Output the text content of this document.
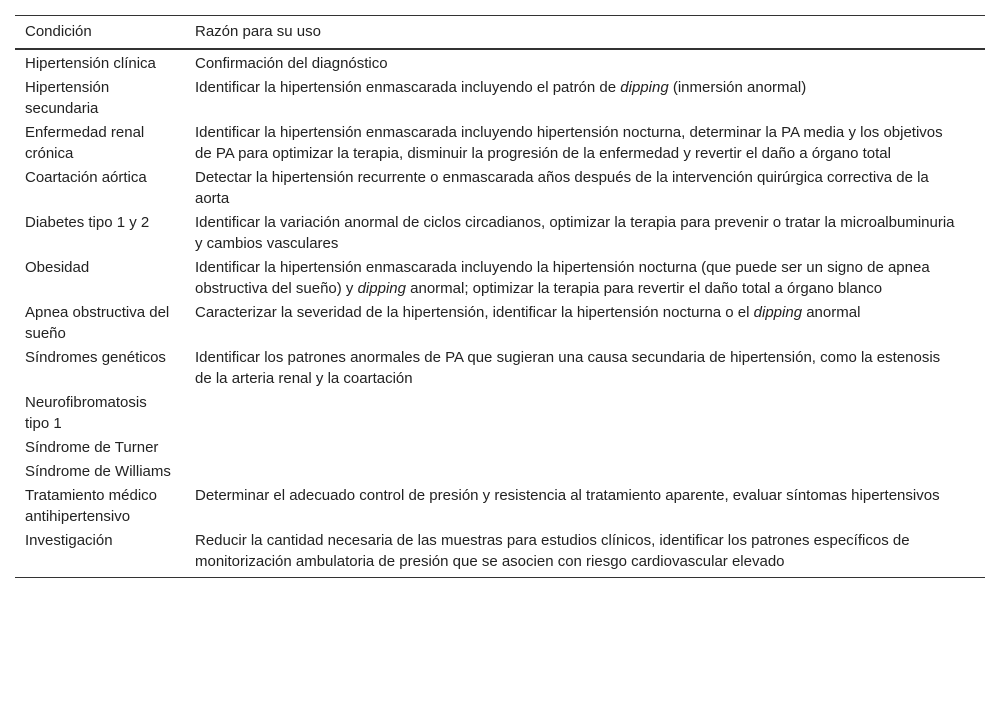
Condición	Razón para su uso
Hipertensión clínica	Confirmación del diagnóstico
Hipertensión secundaria	Identificar la hipertensión enmascarada incluyendo el patrón de dipping (inmersión anormal)
Enfermedad renal crónica	Identificar la hipertensión enmascarada incluyendo hipertensión nocturna, determinar la PA media y los objetivos de PA para optimizar la terapia, disminuir la progresión de la enfermedad y revertir el daño a órgano total
Coartación aórtica	Detectar la hipertensión recurrente o enmascarada años después de la intervención quirúrgica correctiva de la aorta
Diabetes tipo 1 y 2	Identificar la variación anormal de ciclos circadianos, optimizar la terapia para prevenir o tratar la microalbuminuria y cambios vasculares
Obesidad	Identificar la hipertensión enmascarada incluyendo la hipertensión nocturna (que puede ser un signo de apnea obstructiva del sueño) y dipping anormal; optimizar la terapia para revertir el daño total a órgano blanco
Apnea obstructiva del sueño	Caracterizar la severidad de la hipertensión, identificar la hipertensión nocturna o el dipping anormal
Síndromes genéticos	Identificar los patrones anormales de PA que sugieran una causa secundaria de hipertensión, como la estenosis de la arteria renal y la coartación
Neurofibromatosis tipo 1	
Síndrome de Turner	
Síndrome de Williams	
Tratamiento médico antihipertensivo	Determinar el adecuado control de presión y resistencia al tratamiento aparente, evaluar síntomas hipertensivos
Investigación	Reducir la cantidad necesaria de las muestras para estudios clínicos, identificar los patrones específicos de monitorización ambulatoria de presión que se asocien con riesgo cardiovascular elevado
